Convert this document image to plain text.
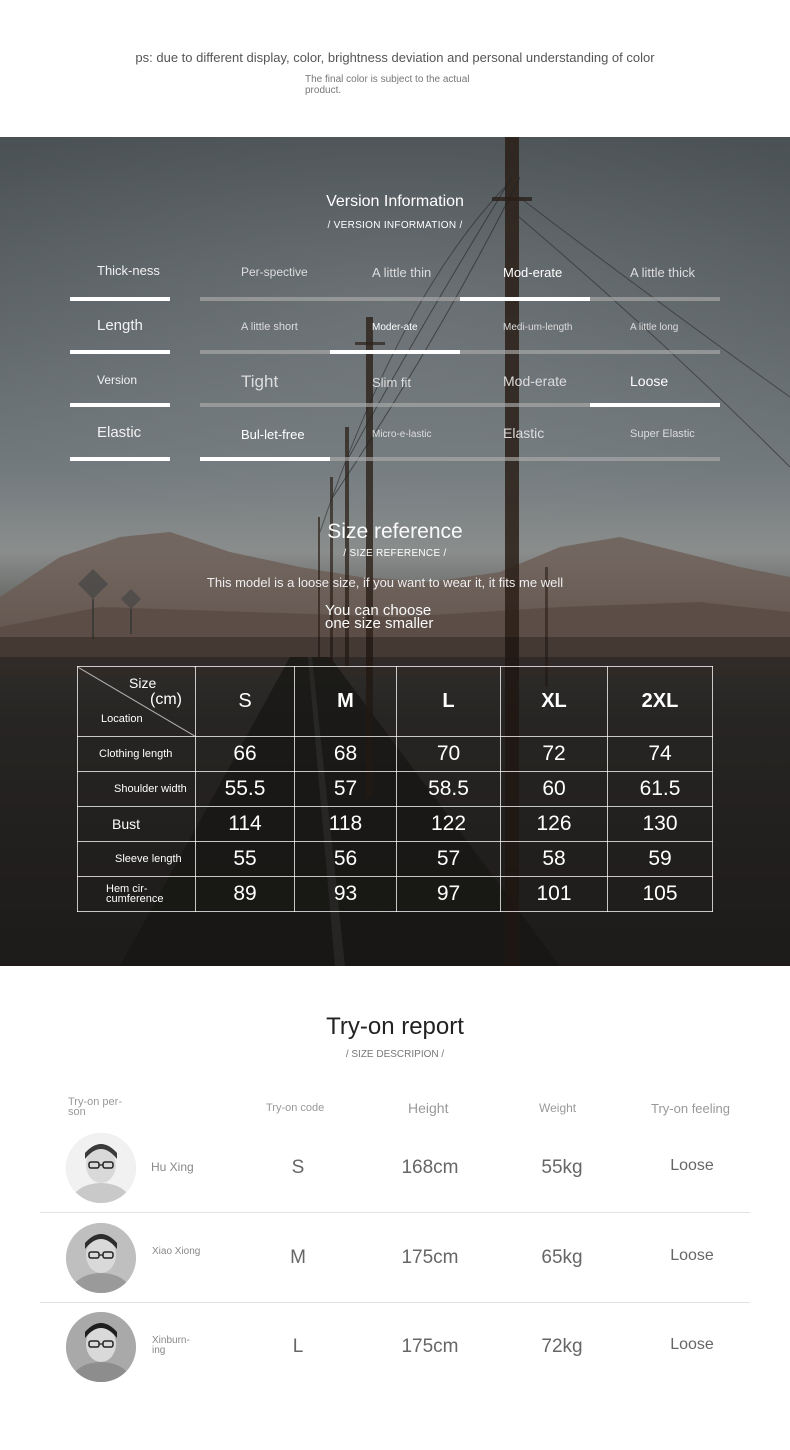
ps: due to different display, color, brightness deviation and personal understanding of color
The final color is subject to the actual product.
Version Information
/ VERSION INFORMATION /
Thick-ness	Per-spective	A little thin	Mod-erate	A little thick
Length	A little short	Moder-ate	Medi-um-length	A little long
Version	Tight	Slim fit	Mod-erate	Loose
Elastic	Bul-let-free	Micro-e-lastic	Elastic	Super Elastic
Size reference
/ SIZE REFERENCE /
This model is a loose size, if you want to wear it, it fits me well
You can choose one size smaller
Size
(cm)
Location	S	M	L	XL	2XL
Clothing length	66	68	70	72	74
Shoulder width	55.5	57	58.5	60	61.5
Bust	114	118	122	126	130
Sleeve length	55	56	57	58	59
Hem cir-cumference	89	93	97	101	105
Try-on report
/ SIZE DESCRIPION /
Try-on per-son	Try-on code	Height	Weight	Try-on feeling
Hu Xing	S	168cm	55kg	Loose
Xiao Xiong	M	175cm	65kg	Loose
Xinburn-ing	L	175cm	72kg	Loose
